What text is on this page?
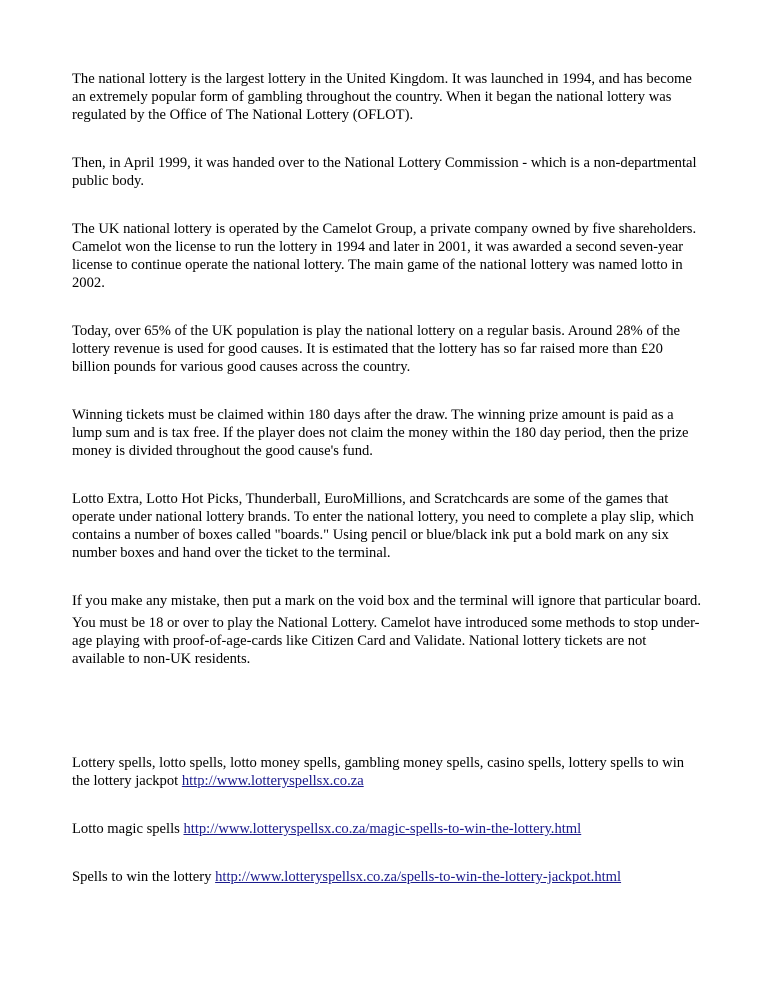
The national lottery is the largest lottery in the United Kingdom. It was launched in 1994, and has become an extremely popular form of gambling throughout the country. When it began the national lottery was regulated by the Office of The National Lottery (OFLOT).

Then, in April 1999, it was handed over to the National Lottery Commission - which is a non-departmental public body.

The UK national lottery is operated by the Camelot Group, a private company owned by five shareholders. Camelot won the license to run the lottery in 1994 and later in 2001, it was awarded a second seven-year license to continue operate the national lottery. The main game of the national lottery was named lotto in 2002.

Today, over 65% of the UK population is play the national lottery on a regular basis. Around 28% of the lottery revenue is used for good causes. It is estimated that the lottery has so far raised more than £20 billion pounds for various good causes across the country.

Winning tickets must be claimed within 180 days after the draw. The winning prize amount is paid as a lump sum and is tax free. If the player does not claim the money within the 180 day period, then the prize money is divided throughout the good cause's fund.

Lotto Extra, Lotto Hot Picks, Thunderball, EuroMillions, and Scratchcards are some of the games that operate under national lottery brands. To enter the national lottery, you need to complete a play slip, which contains a number of boxes called "boards." Using pencil or blue/black ink put a bold mark on any six number boxes and hand over the ticket to the terminal.

If you make any mistake, then put a mark on the void box and the terminal will ignore that particular board.

You must be 18 or over to play the National Lottery. Camelot have introduced some methods to stop under-age playing with proof-of-age-cards like Citizen Card and Validate. National lottery tickets are not available to non-UK residents.

Lottery spells, lotto spells, lotto money spells, gambling money spells, casino spells, lottery spells to win the lottery jackpot http://www.lotteryspellsx.co.za

Lotto magic spells http://www.lotteryspellsx.co.za/magic-spells-to-win-the-lottery.html

Spells to win the lottery http://www.lotteryspellsx.co.za/spells-to-win-the-lottery-jackpot.html
